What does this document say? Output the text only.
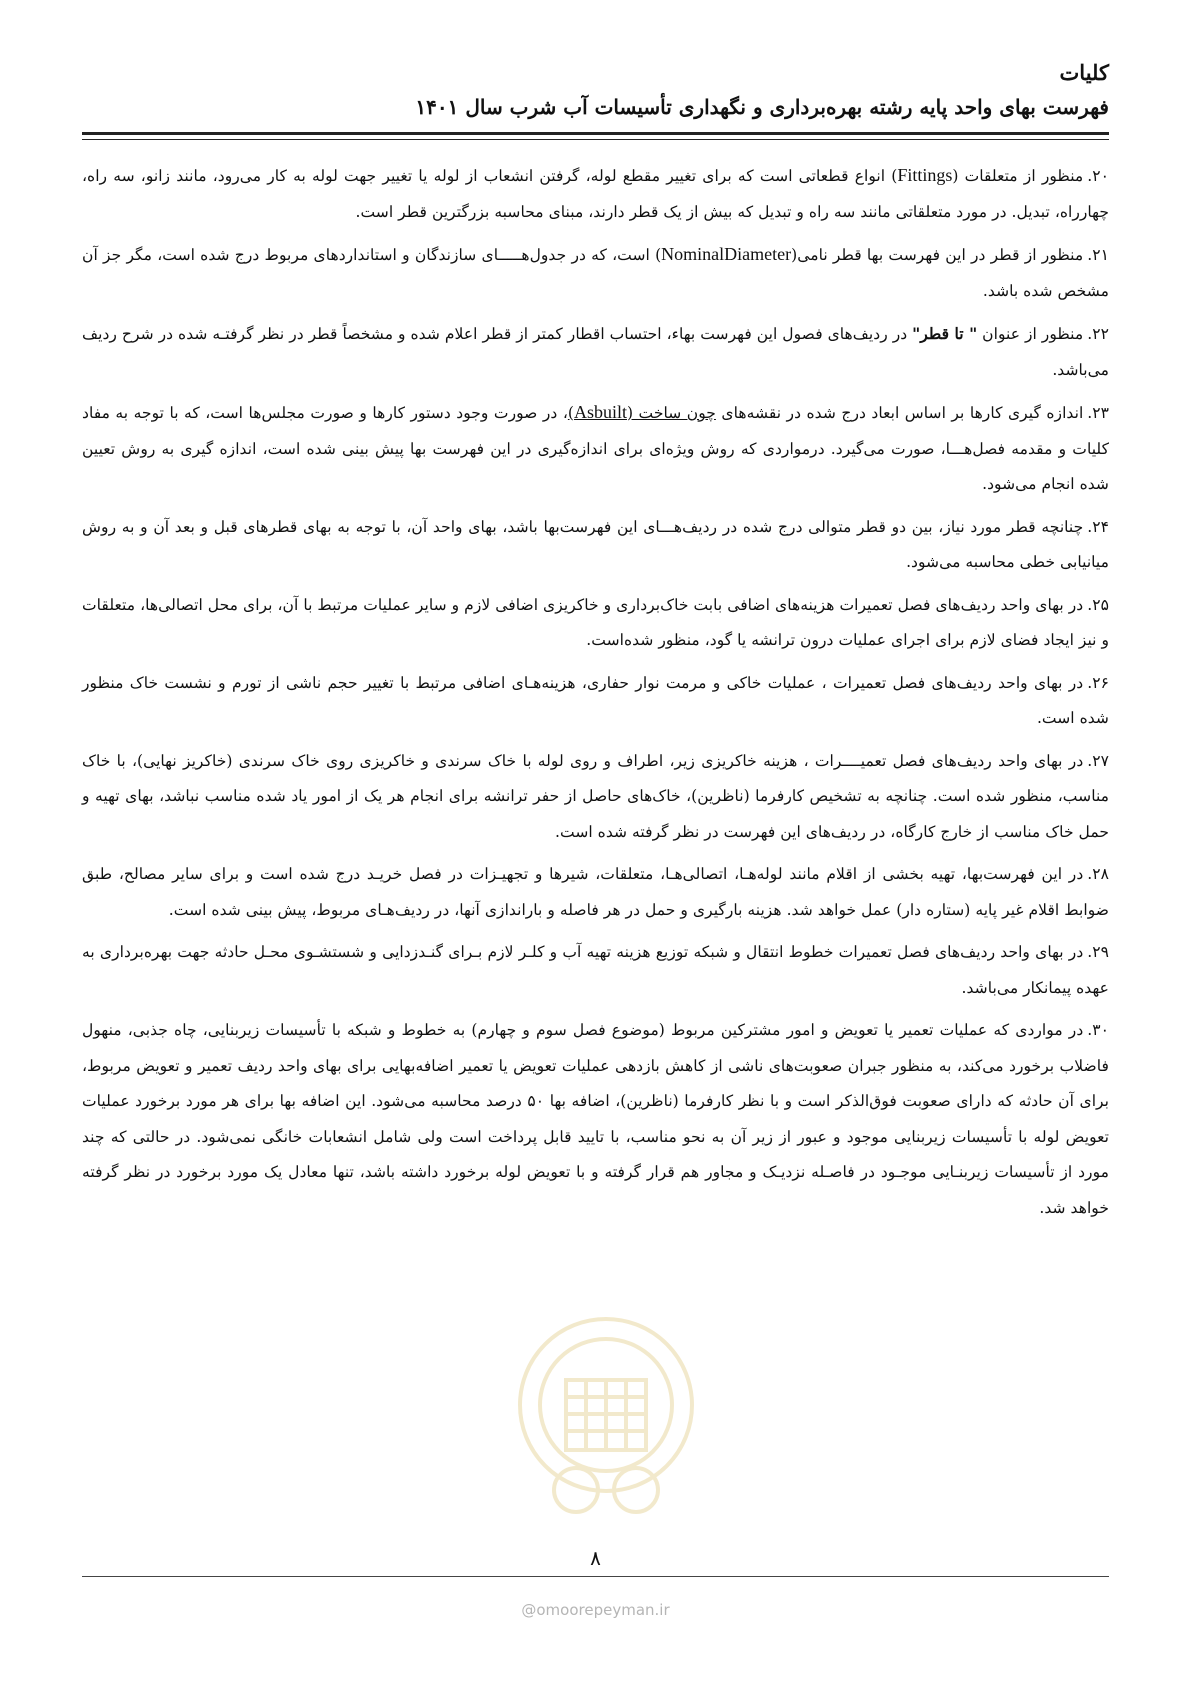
کلیات
فهرست بهای واحد پایه رشته بهره‌برداری و نگهداری تأسیسات آب شرب سال ۱۴۰۱
۲۰.منظور از متعلقات (Fittings) انواع قطعاتی است که برای تغییر مقطع لوله، گرفتن انشعاب از لوله یا تغییر جهت لوله به کار می‌رود، مانند زانو، سه راه، چهارراه، تبدیل. در مورد متعلقاتی مانند سه راه و تبدیل که بیش از یک قطر دارند، مبنای محاسبه بزرگترین قطر است.
۲۱.منظور از قطر در این فهرست بها قطر نامی(NominalDiameter) است، که در جدول‌هـــــای سازندگان و استانداردهای مربوط درج شده است، مگر جز آن مشخص شده باشد.
۲۲.منظور از عنوان " تا قطر" در ردیف‌های فصول این فهرست بهاء، احتساب اقطار کمتر از قطر اعلام شده و مشخصاً قطر در نظر گرفتـه شده در شرح ردیف می‌باشد.
۲۳.اندازه گیری کارها بر اساس ابعاد درج شده در نقشه‌های چون ساخت (Asbuilt)، در صورت وجود دستور کارها و صورت مجلس‌ها است، که با توجه به مفاد کلیات و مقدمه فصل‌هـــا، صورت می‌گیرد. درمواردی که روش ویژه‌ای برای اندازه‌گیری در این فهرست بها پیش بینی شده است، اندازه گیری به روش تعیین شده انجام می‌شود.
۲۴.چنانچه قطر مورد نیاز، بین دو قطر متوالی درج شده در ردیف‌هـــای این فهرست‌بها باشد، بهای واحد آن، با توجه به بهای قطرهای قبل و بعد آن و به روش میانیابی خطی محاسبه می‌شود.
۲۵.در بهای واحد ردیف‌های فصل تعمیرات هزینه‌های اضافی بابت خاک‌برداری و خاکریزی اضافی لازم و سایر عملیات مرتبط با آن، برای محل اتصالی‌ها، متعلقات و نیز ایجاد فضای لازم برای اجرای عملیات درون ترانشه یا گود، منظور شده‌است.
۲۶.در بهای واحد ردیف‌های فصل تعمیرات ، عملیات خاکی و مرمت نوار حفاری، هزینه‌هـای اضافی مرتبط با تغییر حجم ناشی از تورم و نشست خاک منظور شده است.
۲۷.در بهای واحد ردیف‌های فصل تعمیــــرات ، هزینه خاکریزی زیر، اطراف و روی لوله با خاک سرندی و خاکریزی روی خاک سرندی (خاکریز نهایی)، با خاک مناسب، منظور شده است. چنانچه به تشخیص کارفرما (ناظرین)، خاک‌های حاصل از حفر ترانشه برای انجام هر یک از امور یاد شده مناسب نباشد، بهای تهیه و حمل خاک مناسب از خارج کارگاه، در ردیف‌های این فهرست در نظر گرفته شده است.
۲۸.در این فهرست‌بها، تهیه بخشی از اقلام مانند لوله‌هـا، اتصالی‌هـا، متعلقات، شیرها و تجهیـزات در فصل خریـد درج شده است و برای سایر مصالح، طبق ضوابط اقلام غیر پایه (ستاره دار) عمل خواهد شد. هزینه بارگیری و حمل در هر فاصله و باراندازی آنها، در ردیف‌هـای مربوط، پیش بینی شده است.
۲۹.در بهای واحد ردیف‌های فصل تعمیرات خطوط انتقال و شبکه توزیع هزینه تهیه آب و کلـر لازم بـرای گنـدزدایی و شستشـوی محـل حادثه جهت بهره‌برداری به عهده پیمانکار می‌باشد.
۳۰.در مواردی که عملیات تعمیر یا تعویض و امور مشترکین مربوط (موضوع فصل سوم و چهارم) به خطوط و شبکه با تأسیسات زیربنایی، چاه جذبی، منهول فاضلاب برخورد می‌کند، به منظور جبران صعوبت‌های ناشی از کاهش بازدهی عملیات تعویض یا تعمیر اضافه‌بهایی برای بهای واحد ردیف تعمیر و تعویض مربوط، برای آن حادثه که دارای صعوبت فوق‌الذکر است و با نظر کارفرما (ناظرین)، اضافه بها ۵۰ درصد محاسبه می‌شود. این اضافه بها برای هر مورد برخورد عملیات تعویض لوله با تأسیسات زیربنایی موجود و عبور از زیر آن به نحو مناسب، با تایید قابل پرداخت است ولی شامل انشعابات خانگی نمی‌شود. در حالتی که چند مورد از تأسیسات زیربنـایی موجـود در فاصـله نزدیـک و مجاور هم قرار گرفته و با تعویض لوله برخورد داشته باشد، تنها معادل یک مورد برخورد در نظر گرفته خواهد شد.
۸
@omoorepeyman.ir
